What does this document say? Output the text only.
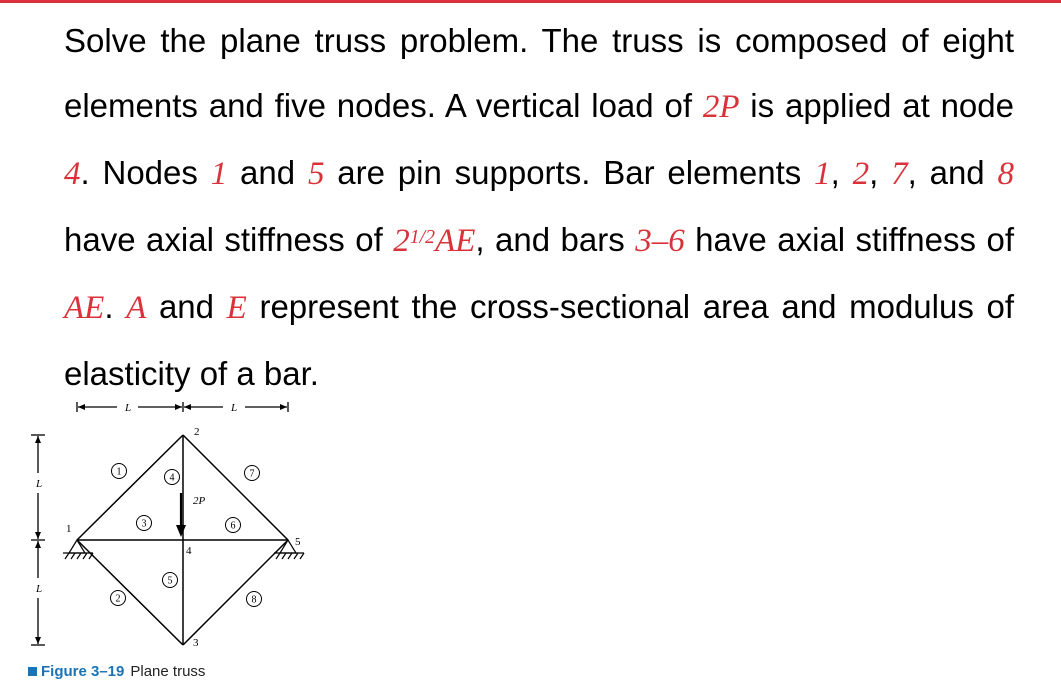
Solve the plane truss problem. The truss is composed of eight elements and five nodes. A vertical load of 2P is applied at node 4. Nodes 1 and 5 are pin supports. Bar elements 1, 2, 7, and 8 have axial stiffness of $2^{1/2}AE$, and bars 3–6 have axial stiffness of AE. A and E represent the cross-sectional area and modulus of elasticity of a bar.

1
2
3
4
5
6
7
8
1
2
3
4
5
2P
L	L
L
L
Figure 3–19 Plane truss
